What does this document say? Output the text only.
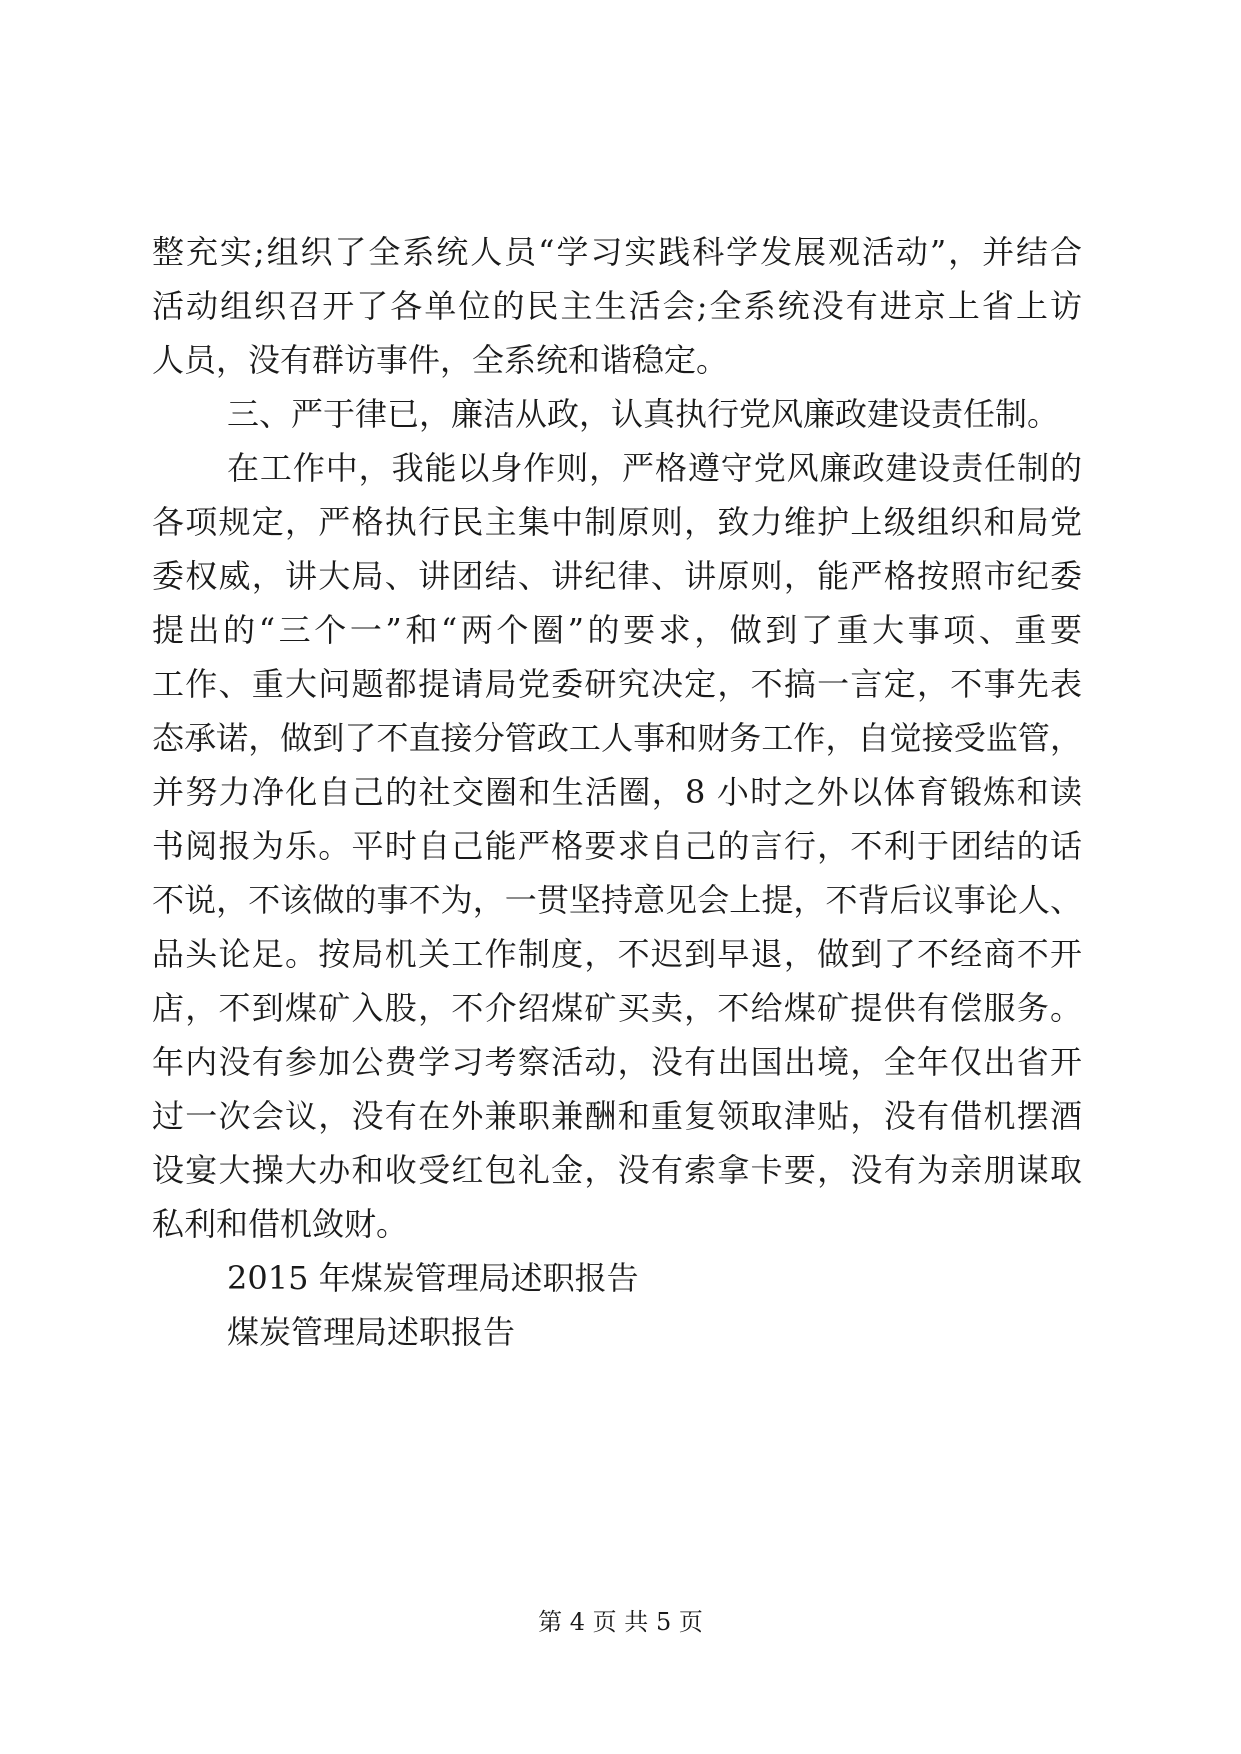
整充实;组织了全系统人员“学习实践科学发展观活动”，并结合
活动组织召开了各单位的民主生活会;全系统没有进京上省上访
人员，没有群访事件，全系统和谐稳定。
三、严于律已，廉洁从政，认真执行党风廉政建设责任制。
在工作中，我能以身作则，严格遵守党风廉政建设责任制的
各项规定，严格执行民主集中制原则，致力维护上级组织和局党
委权威，讲大局、讲团结、讲纪律、讲原则，能严格按照市纪委
提出的“三个一”和“两个圈”的要求，做到了重大事项、重要
工作、重大问题都提请局党委研究决定，不搞一言定，不事先表
态承诺，做到了不直接分管政工人事和财务工作，自觉接受监管，
并努力净化自己的社交圈和生活圈，8 小时之外以体育锻炼和读
书阅报为乐。平时自己能严格要求自己的言行，不利于团结的话
不说，不该做的事不为，一贯坚持意见会上提，不背后议事论人、
品头论足。按局机关工作制度，不迟到早退，做到了不经商不开
店，不到煤矿入股，不介绍煤矿买卖，不给煤矿提供有偿服务。
年内没有参加公费学习考察活动，没有出国出境，全年仅出省开
过一次会议，没有在外兼职兼酬和重复领取津贴，没有借机摆酒
设宴大操大办和收受红包礼金，没有索拿卡要，没有为亲朋谋取
私利和借机敛财。
2015 年煤炭管理局述职报告
煤炭管理局述职报告
第 4 页 共 5 页
